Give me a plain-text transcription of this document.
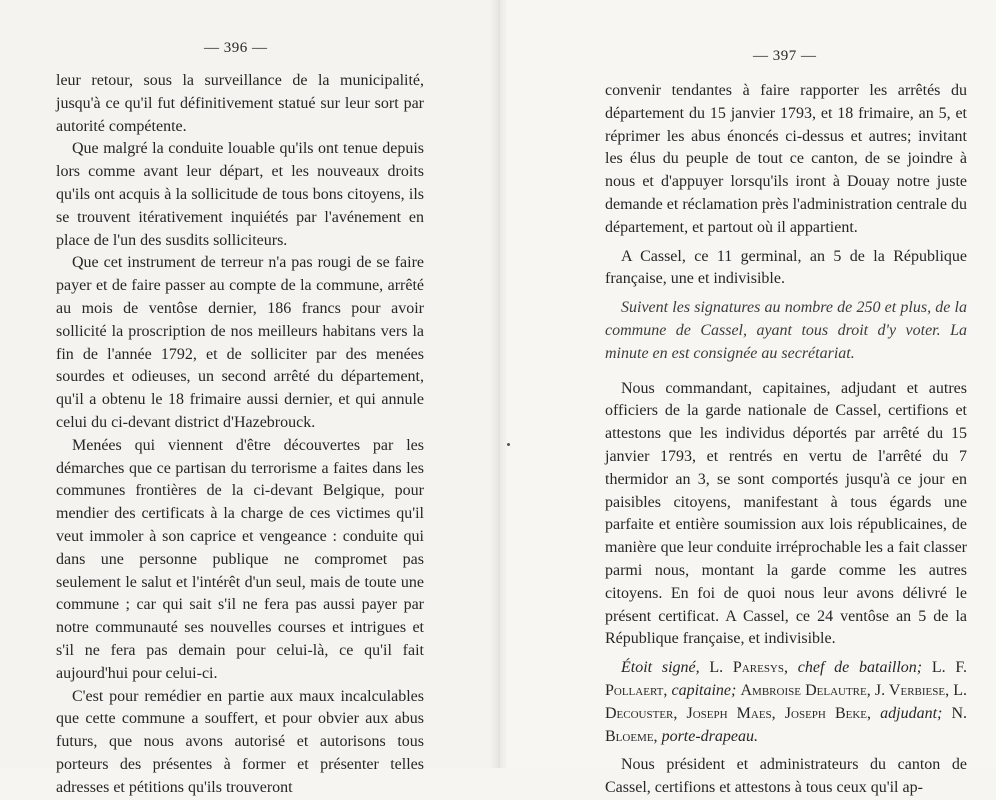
— 396 —

leur retour, sous la surveillance de la municipalité, jusqu'à ce qu'il fut définitivement statué sur leur sort par autorité compétente.

Que malgré la conduite louable qu'ils ont tenue depuis lors comme avant leur départ, et les nouveaux droits qu'ils ont acquis à la sollicitude de tous bons citoyens, ils se trouvent itérativement inquiétés par l'avénement en place de l'un des susdits solliciteurs.

Que cet instrument de terreur n'a pas rougi de se faire payer et de faire passer au compte de la commune, arrêté au mois de ventôse dernier, 186 francs pour avoir sollicité la proscription de nos meilleurs habitans vers la fin de l'année 1792, et de solliciter par des menées sourdes et odieuses, un second arrêté du département, qu'il a obtenu le 18 frimaire aussi dernier, et qui annule celui du ci-devant district d'Hazebrouck.

Menées qui viennent d'être découvertes par les démarches que ce partisan du terrorisme a faites dans les communes frontières de la ci-devant Belgique, pour mendier des certificats à la charge de ces victimes qu'il veut immoler à son caprice et vengeance : conduite qui dans une personne publique ne compromet pas seulement le salut et l'intérêt d'un seul, mais de toute une commune ; car qui sait s'il ne fera pas aussi payer par notre communauté ses nouvelles courses et intrigues et s'il ne fera pas demain pour celui-là, ce qu'il fait aujourd'hui pour celui-ci.

C'est pour remédier en partie aux maux incalculables que cette commune a souffert, et pour obvier aux abus futurs, que nous avons autorisé et autorisons tous porteurs des présentes à former et présenter telles adresses et pétitions qu'ils trouveront

— 397 —

convenir tendantes à faire rapporter les arrêtés du département du 15 janvier 1793, et 18 frimaire, an 5, et réprimer les abus énoncés ci-dessus et autres; invitant les élus du peuple de tout ce canton, de se joindre à nous et d'appuyer lorsqu'ils iront à Douay notre juste demande et réclamation près l'administration centrale du département, et partout où il appartient.

A Cassel, ce 11 germinal, an 5 de la République française, une et indivisible.

Suivent les signatures au nombre de 250 et plus, de la commune de Cassel, ayant tous droit d'y voter. La minute en est consignée au secrétariat.

Nous commandant, capitaines, adjudant et autres officiers de la garde nationale de Cassel, certifions et attestons que les individus déportés par arrêté du 15 janvier 1793, et rentrés en vertu de l'arrêté du 7 thermidor an 3, se sont comportés jusqu'à ce jour en paisibles citoyens, manifestant à tous égards une parfaite et entière soumission aux lois républicaines, de manière que leur conduite irréprochable les a fait classer parmi nous, montant la garde comme les autres citoyens. En foi de quoi nous leur avons délivré le présent certificat. A Cassel, ce 24 ventôse an 5 de la République française, et indivisible.

Étoit signé, L. Paresys, chef de bataillon; L. F. Pollaert, capitaine; Ambroise Delautre, J. Verbiese, L. Decouster, Joseph Maes, Joseph Beke, adjudant; N. Bloeme, porte-drapeau.

Nous président et administrateurs du canton de Cassel, certifions et attestons à tous ceux qu'il ap-
